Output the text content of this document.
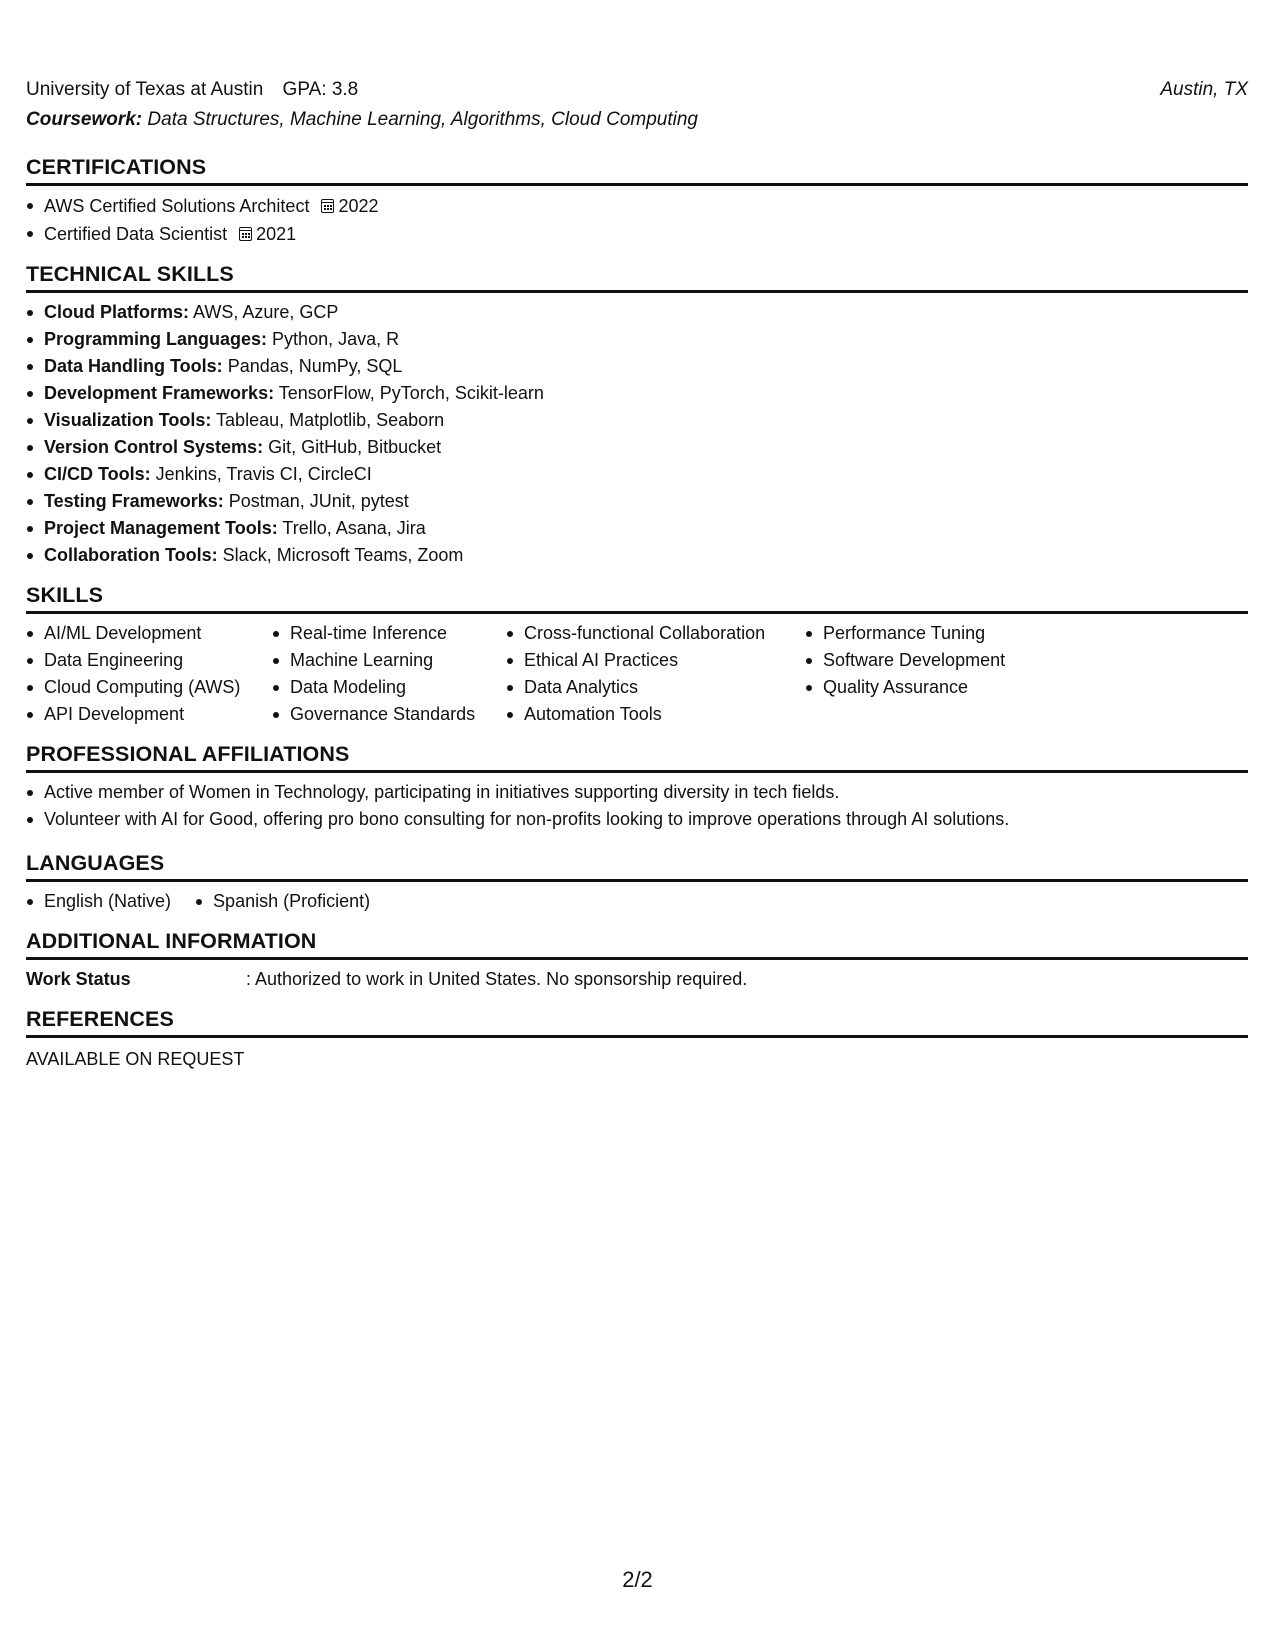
University of Texas at Austin GPA: 3.8	Austin, TX
Coursework: Data Structures, Machine Learning, Algorithms, Cloud Computing
CERTIFICATIONS
AWS Certified Solutions Architect 2022
Certified Data Scientist 2021
TECHNICAL SKILLS
Cloud Platforms: AWS, Azure, GCP
Programming Languages: Python, Java, R
Data Handling Tools: Pandas, NumPy, SQL
Development Frameworks: TensorFlow, PyTorch, Scikit-learn
Visualization Tools: Tableau, Matplotlib, Seaborn
Version Control Systems: Git, GitHub, Bitbucket
CI/CD Tools: Jenkins, Travis CI, CircleCI
Testing Frameworks: Postman, JUnit, pytest
Project Management Tools: Trello, Asana, Jira
Collaboration Tools: Slack, Microsoft Teams, Zoom
SKILLS
AI/ML Development
Data Engineering
Cloud Computing (AWS)
API Development
Real-time Inference
Machine Learning
Data Modeling
Governance Standards
Cross-functional Collaboration
Ethical AI Practices
Data Analytics
Automation Tools
Performance Tuning
Software Development
Quality Assurance
PROFESSIONAL AFFILIATIONS
Active member of Women in Technology, participating in initiatives supporting diversity in tech fields.
Volunteer with AI for Good, offering pro bono consulting for non-profits looking to improve operations through AI solutions.
LANGUAGES
English (Native)	Spanish (Proficient)
ADDITIONAL INFORMATION
Work Status	: Authorized to work in United States. No sponsorship required.
REFERENCES
AVAILABLE ON REQUEST
2/2
